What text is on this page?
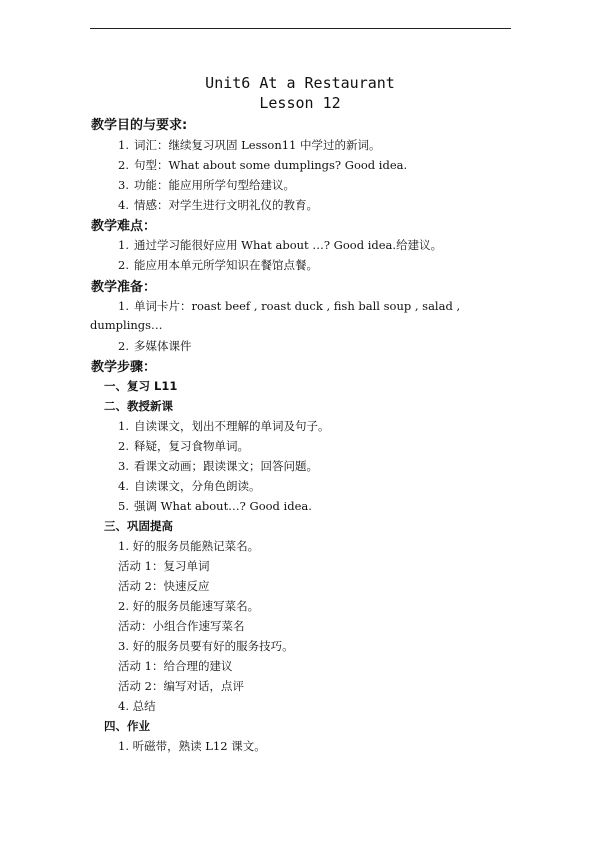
Unit6 At a Restaurant
Lesson 12
教学目的与要求:
1. 词汇：继续复习巩固 Lesson11 中学过的新词。
2. 句型：What about some dumplings? Good idea.
3. 功能：能应用所学句型给建议。
4. 情感：对学生进行文明礼仪的教育。
教学难点：
1. 通过学习能很好应用 What about …? Good idea.给建议。
2. 能应用本单元所学知识在餐馆点餐。
教学准备：
1. 单词卡片：roast beef , roast duck , fish ball soup , salad ,
dumplings…
2. 多媒体课件
教学步骤：
一、复习 L11
二、教授新课
1. 自读课文，划出不理解的单词及句子。
2. 释疑，复习食物单词。
3. 看课文动画；跟读课文；回答问题。
4. 自读课文，分角色朗读。
5. 强调 What about…? Good idea.
三、巩固提高
1. 好的服务员能熟记菜名。
活动 1：复习单词
活动 2：快速反应
2. 好的服务员能速写菜名。
活动：小组合作速写菜名
3. 好的服务员要有好的服务技巧。
活动 1：给合理的建议
活动 2：编写对话，点评
4. 总结
四、作业
1. 听磁带，熟读 L12 课文。
